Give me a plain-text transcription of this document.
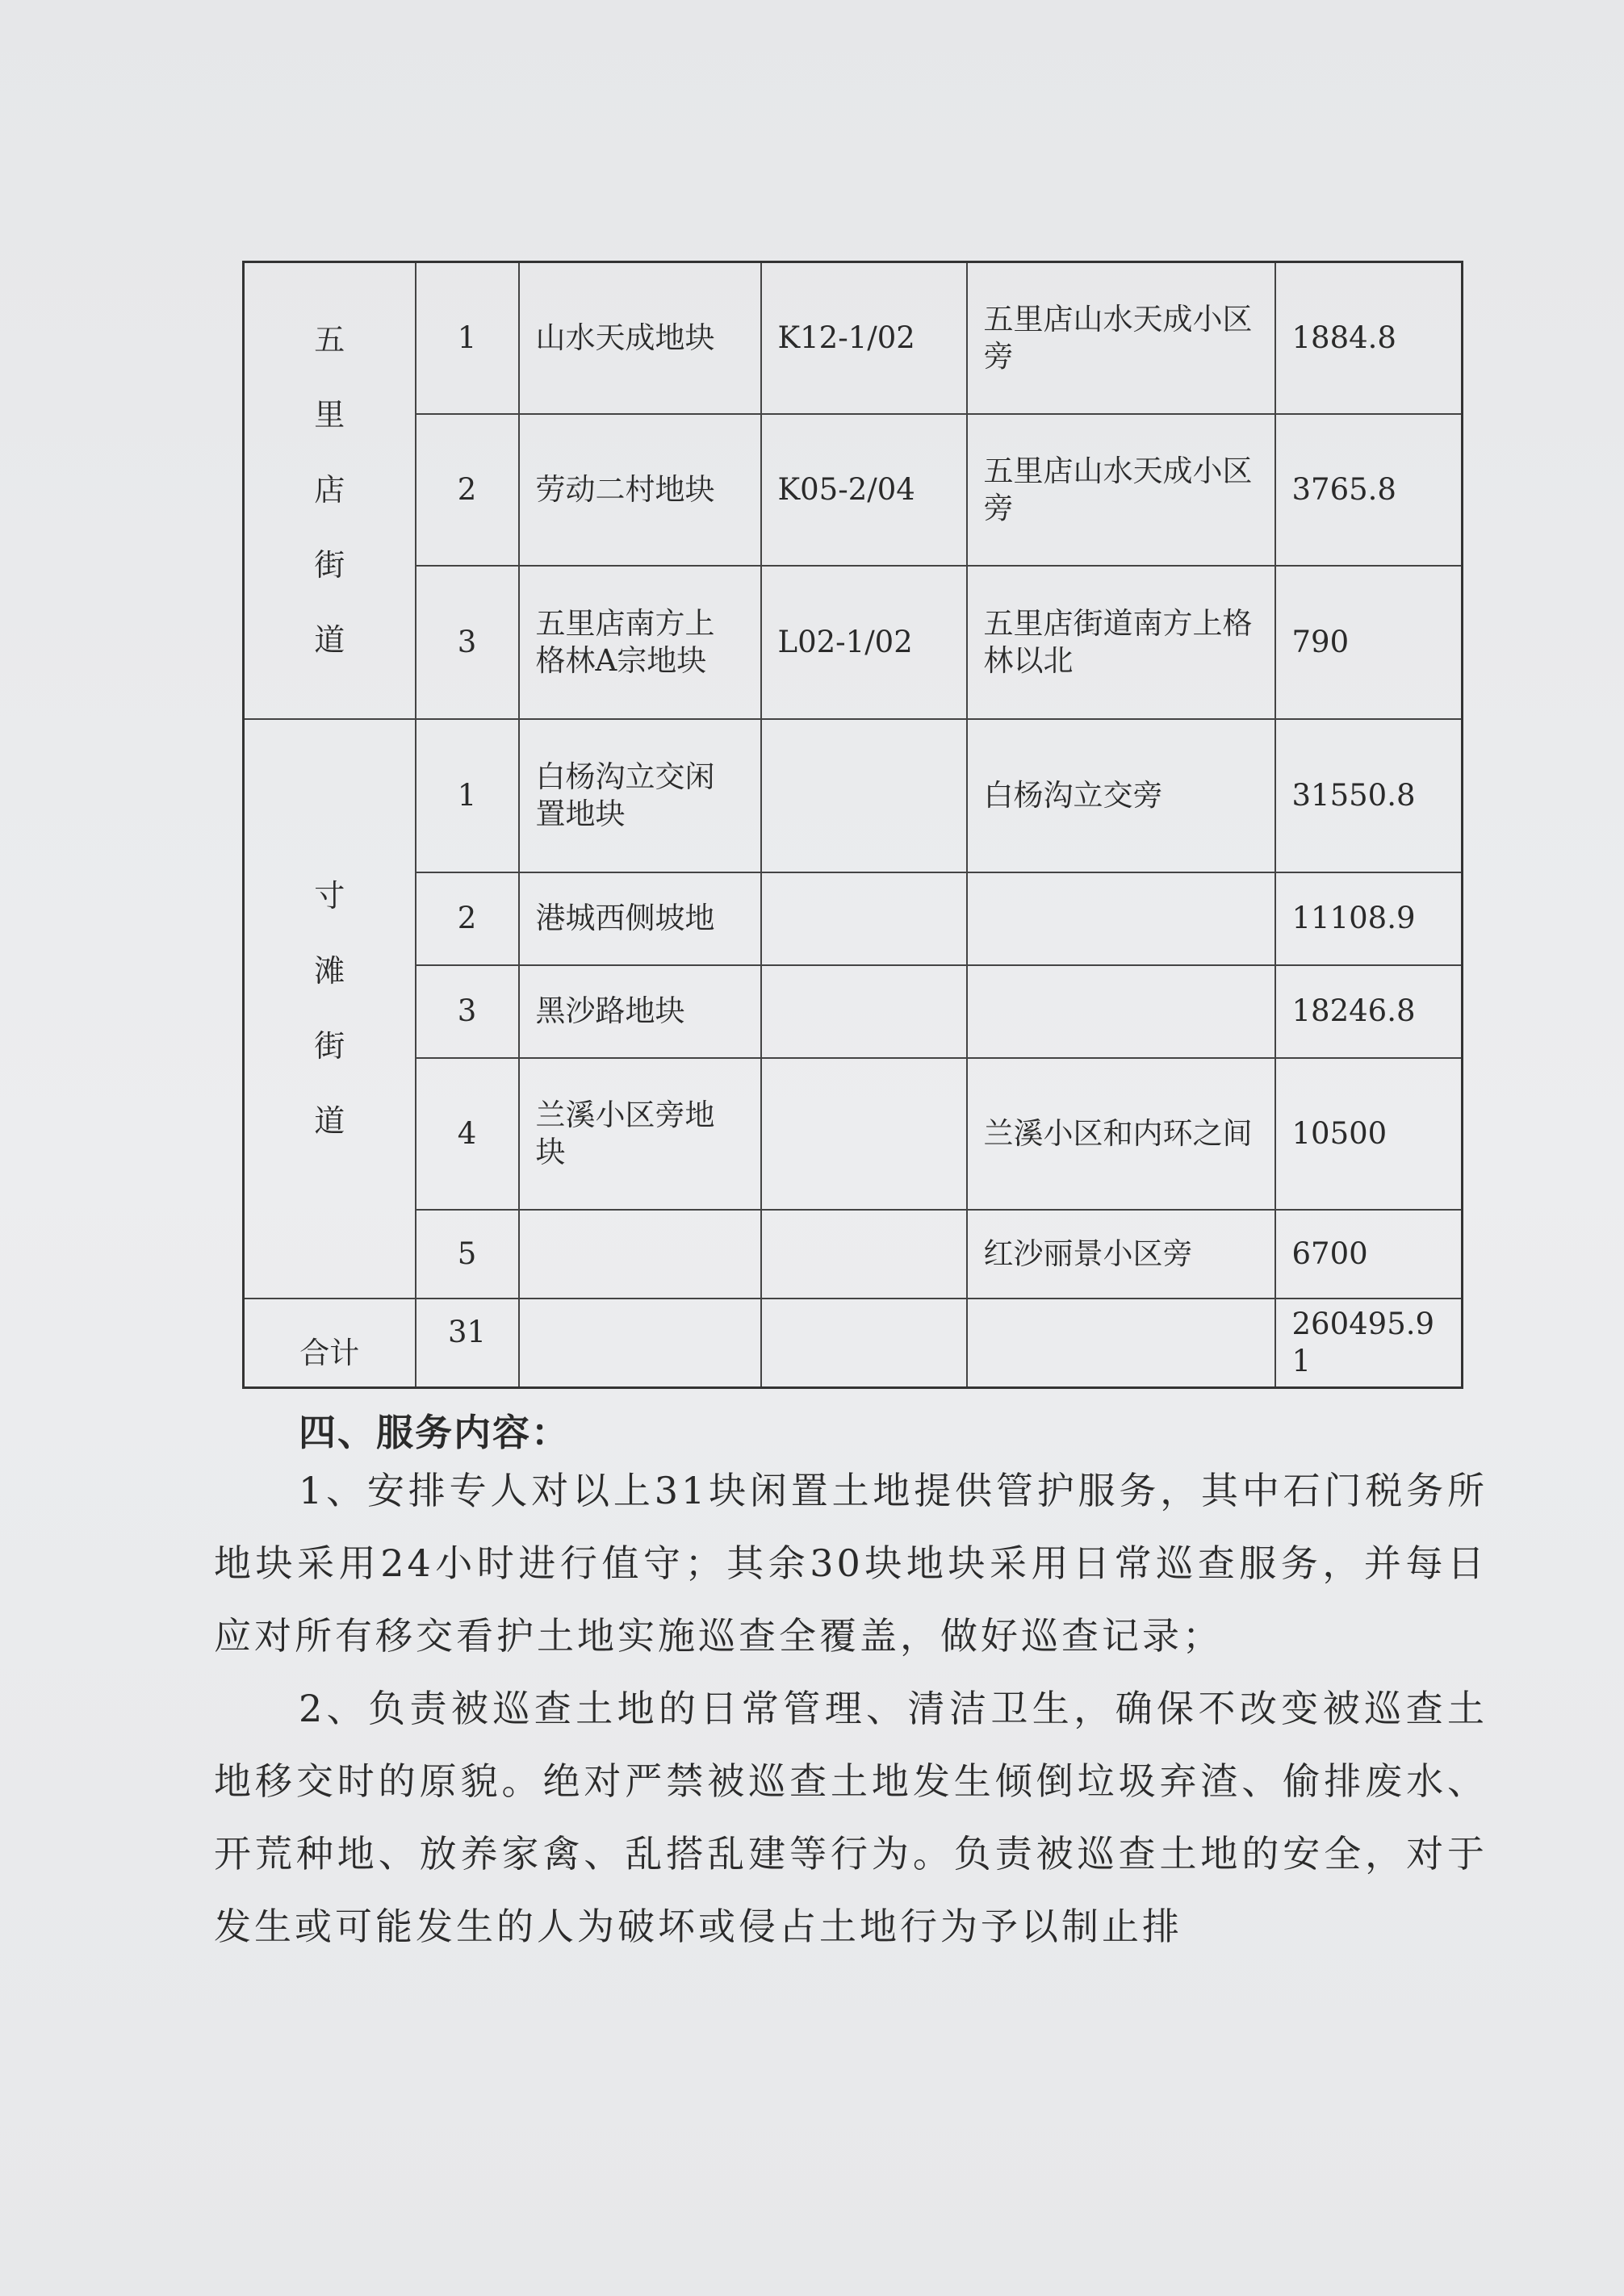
五里店街道	1	山水天成地块	K12-1/02	五里店山水天成小区旁	1884.8
	2	劳动二村地块	K05-2/04	五里店山水天成小区旁	3765.8
	3	五里店南方上格林A宗地块	L02-1/02	五里店街道南方上格林以北	790

寸滩街道	1	白杨沟立交闲置地块		白杨沟立交旁	31550.8
	2	港城西侧坡地			11108.9
	3	黑沙路地块			18246.8
	4	兰溪小区旁地块		兰溪小区和内环之间	10500
	5			红沙丽景小区旁	6700

合计	31				260495.91
四、服务内容：

1、安排专人对以上31块闲置土地提供管护服务，其中石门税务所地块采用24小时进行值守；其余30块地块采用日常巡查服务，并每日应对所有移交看护土地实施巡查全覆盖，做好巡查记录；

2、负责被巡查土地的日常管理、清洁卫生，确保不改变被巡查土地移交时的原貌。绝对严禁被巡查土地发生倾倒垃圾弃渣、偷排废水、开荒种地、放养家禽、乱搭乱建等行为。负责被巡查土地的安全，对于发生或可能发生的人为破坏或侵占土地行为予以制止排
